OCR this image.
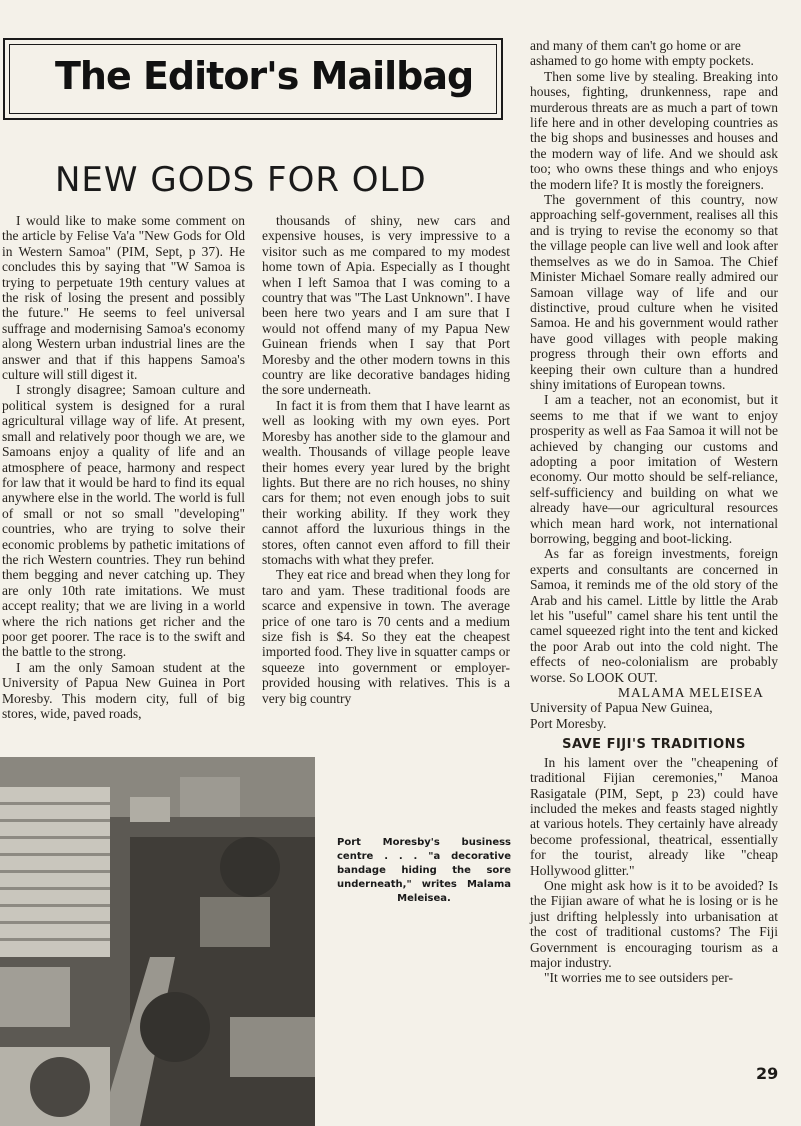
The Editor's Mailbag
NEW GODS FOR OLD

I would like to make some comment on the article by Felise Va'a "New Gods for Old in Western Samoa" (PIM, Sept, p 37). He concludes this by saying that "W Samoa is trying to perpetuate 19th century values at the risk of losing the present and possibly the future." He seems to feel universal suffrage and modernising Samoa's economy along Western urban industrial lines are the answer and that if this happens Samoa's culture will still digest it.

I strongly disagree; Samoan culture and political system is designed for a rural agricultural village way of life. At present, small and relatively poor though we are, we Samoans enjoy a quality of life and an atmosphere of peace, harmony and respect for law that it would be hard to find its equal anywhere else in the world. The world is full of small or not so small "developing" countries, who are trying to solve their economic problems by pathetic imitations of the rich Western countries. They run behind them begging and never catching up. They are only 10th rate imitations. We must accept reality; that we are living in a world where the rich nations get richer and the poor get poorer. The race is to the swift and the battle to the strong.

I am the only Samoan student at the University of Papua New Guinea in Port Moresby. This modern city, full of big stores, wide, paved roads,

thousands of shiny, new cars and expensive houses, is very impressive to a visitor such as me compared to my modest home town of Apia. Especially as I thought when I left Samoa that I was coming to a country that was "The Last Unknown". I have been here two years and I am sure that I would not offend many of my Papua New Guinean friends when I say that Port Moresby and the other modern towns in this country are like decorative bandages hiding the sore underneath.

In fact it is from them that I have learnt as well as looking with my own eyes. Port Moresby has another side to the glamour and wealth. Thousands of village people leave their homes every year lured by the bright lights. But there are no rich houses, no shiny cars for them; not even enough jobs to suit their working ability. If they work they cannot afford the luxurious things in the stores, often cannot even afford to fill their stomachs with what they prefer.

They eat rice and bread when they long for taro and yam. These traditional foods are scarce and expensive in town. The average price of one taro is 70 cents and a medium size fish is $4. So they eat the cheapest imported food. They live in squatter camps or squeeze into government or employer-provided housing with relatives. This is a very big country

and many of them can't go home or are ashamed to go home with empty pockets.

Then some live by stealing. Breaking into houses, fighting, drunkenness, rape and murderous threats are as much a part of town life here and in other developing countries as the big shops and businesses and houses and the modern way of life. And we should ask too; who owns these things and who enjoys the modern life? It is mostly the foreigners.

The government of this country, now approaching self-government, realises all this and is trying to revise the economy so that the village people can live well and look after themselves as we do in Samoa. The Chief Minister Michael Somare really admired our Samoan village way of life and our distinctive, proud culture when he visited Samoa. He and his government would rather have good villages with people making progress through their own efforts and keeping their own culture than a hundred shiny imitations of European towns.

I am a teacher, not an economist, but it seems to me that if we want to enjoy prosperity as well as Faa Samoa it will not be achieved by changing our customs and adopting a poor imitation of Western economy. Our motto should be self-reliance, self-sufficiency and building on what we already have—our agricultural resources which mean hard work, not international borrowing, begging and boot-licking.

As far as foreign investments, foreign experts and consultants are concerned in Samoa, it reminds me of the old story of the Arab and his camel. Little by little the Arab let his "useful" camel share his tent until the camel squeezed right into the tent and kicked the poor Arab out into the cold night. The effects of neo-colonialism are probably worse. So LOOK OUT.

MALAMA MELEISEA

University of Papua New Guinea,

Port Moresby.

SAVE FIJI'S TRADITIONS

In his lament over the "cheapening of traditional Fijian ceremonies," Manoa Rasigatale (PIM, Sept, p 23) could have included the mekes and feasts staged nightly at various hotels. They certainly have already become professional, theatrical, essentially for the tourist, already like "cheap Hollywood glitter."

One might ask how is it to be avoided? Is the Fijian aware of what he is losing or is he just drifting helplessly into urbanisation at the cost of traditional customs? The Fiji Government is encouraging tourism as a major industry.

"It worries me to see outsiders per-

Port Moresby's business centre . . . "a decorative bandage hiding the sore underneath," writes Malama Meleisea.
29
